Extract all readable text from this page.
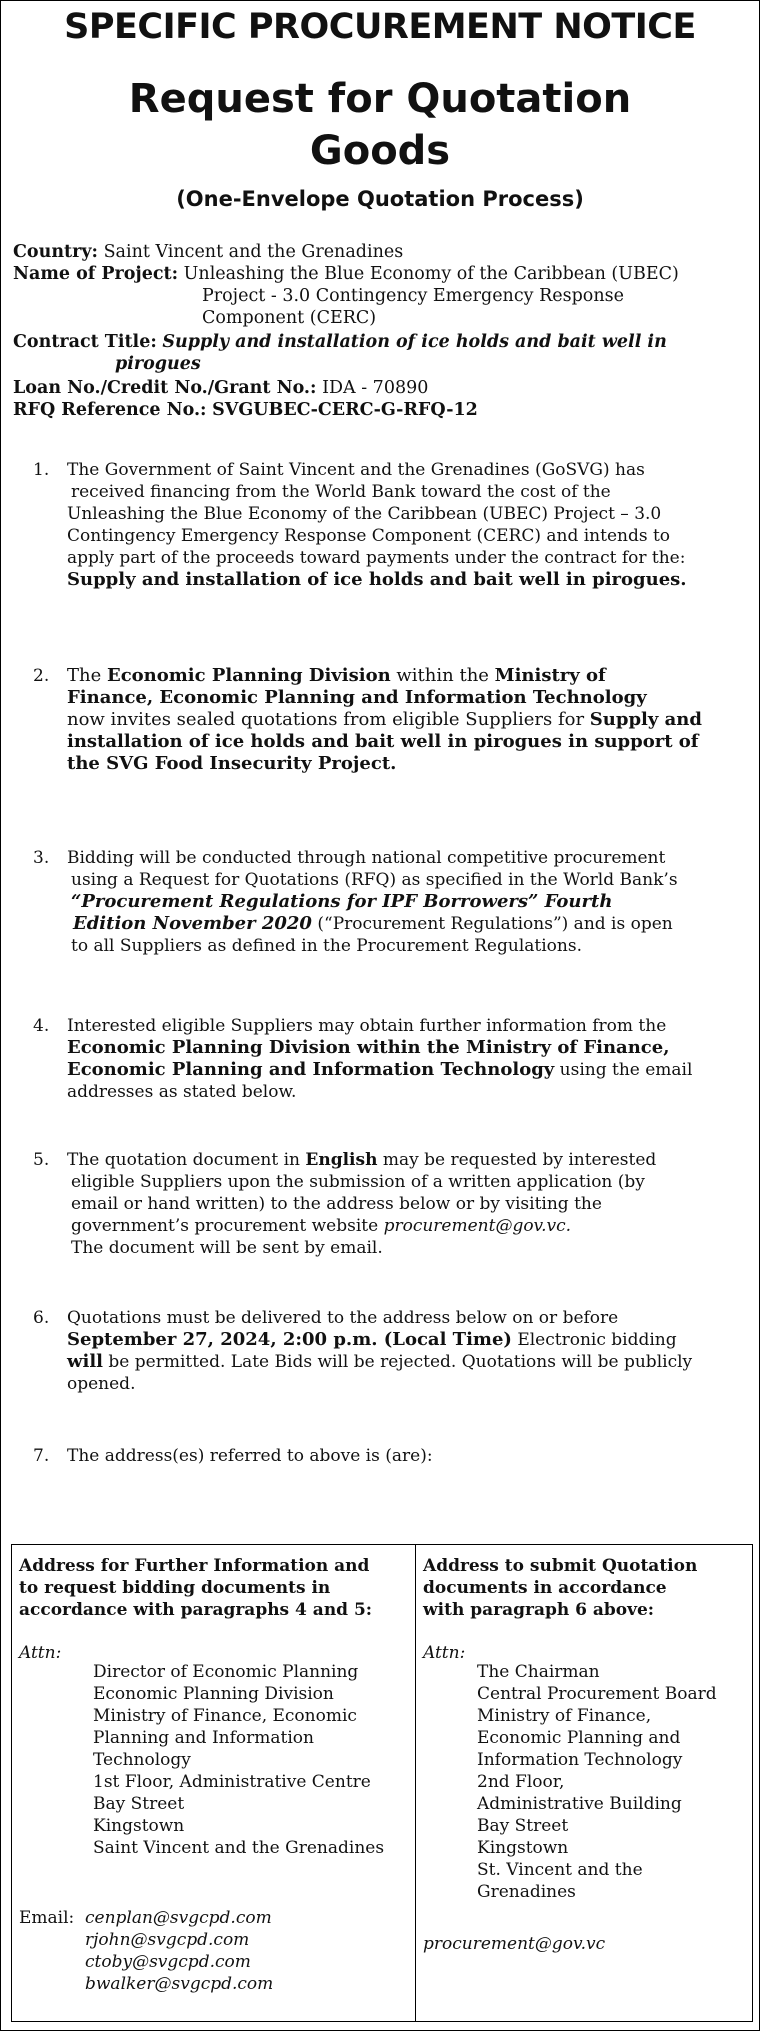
SPECIFIC PROCUREMENT NOTICE
Request for Quotation
Goods
(One-Envelope Quotation Process)
Country: Saint Vincent and the Grenadines
Name of Project: Unleashing the Blue Economy of the Caribbean (UBEC)
Project - 3.0 Contingency Emergency Response
Component (CERC)
Contract Title: Supply and installation of ice holds and bait well in
pirogues
Loan No./Credit No./Grant No.: IDA - 70890
RFQ Reference No.: SVGUBEC-CERC-G-RFQ-12
1. The Government of Saint Vincent and the Grenadines (GoSVG) has
received financing from the World Bank toward the cost of the
Unleashing the Blue Economy of the Caribbean (UBEC) Project – 3.0
Contingency Emergency Response Component (CERC) and intends to
apply part of the proceeds toward payments under the contract for the:
Supply and installation of ice holds and bait well in pirogues.
2. The Economic Planning Division within the Ministry of
Finance, Economic Planning and Information Technology
now invites sealed quotations from eligible Suppliers for Supply and
installation of ice holds and bait well in pirogues in support of
the SVG Food Insecurity Project.
3. Bidding will be conducted through national competitive procurement
using a Request for Quotations (RFQ) as specified in the World Bank’s
“Procurement Regulations for IPF Borrowers” Fourth
Edition November 2020 (“Procurement Regulations”) and is open
to all Suppliers as defined in the Procurement Regulations.
4. Interested eligible Suppliers may obtain further information from the
Economic Planning Division within the Ministry of Finance,
Economic Planning and Information Technology using the email
addresses as stated below.
5. The quotation document in English may be requested by interested
eligible Suppliers upon the submission of a written application (by
email or hand written) to the address below or by visiting the
government’s procurement website procurement@gov.vc.
The document will be sent by email.
6. Quotations must be delivered to the address below on or before
September 27, 2024, 2:00 p.m. (Local Time) Electronic bidding
will be permitted. Late Bids will be rejected. Quotations will be publicly
opened.
7. The address(es) referred to above is (are):
Address for Further Information and
to request bidding documents in
accordance with paragraphs 4 and 5:
Attn:
Director of Economic Planning
Economic Planning Division
Ministry of Finance, Economic
Planning and Information
Technology
1st Floor, Administrative Centre
Bay Street
Kingstown
Saint Vincent and the Grenadines
Email: cenplan@svgcpd.com
rjohn@svgcpd.com
ctoby@svgcpd.com
bwalker@svgcpd.com
Address to submit Quotation
documents in accordance
with paragraph 6 above:
Attn:
The Chairman
Central Procurement Board
Ministry of Finance,
Economic Planning and
Information Technology
2nd Floor,
Administrative Building
Bay Street
Kingstown
St. Vincent and the
Grenadines
procurement@gov.vc
